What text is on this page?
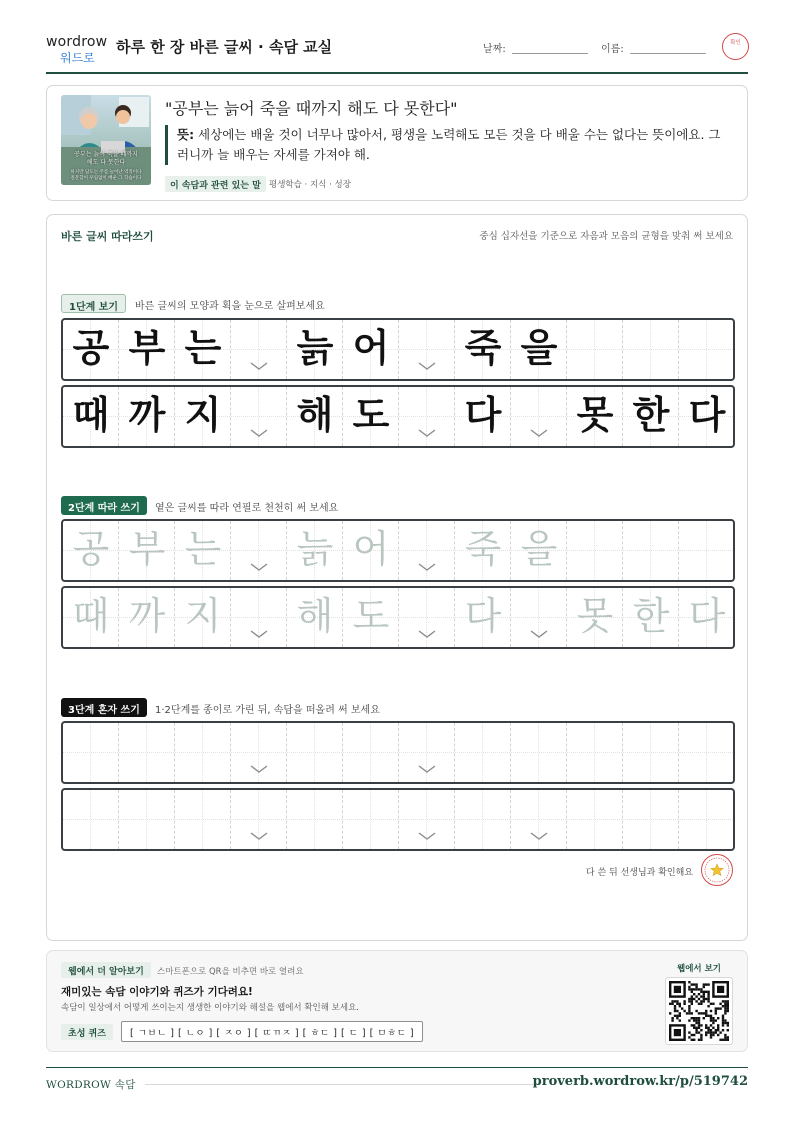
wordrow
워드로
하루 한 장 바른 글씨 · 속담 교실	날짜:	이름:
확인
공부는 늙어 죽을 때까지
해도 다 못한다
하지만 답도는 주름 늘어난 역적이다
질문함이 우림없이 배운 그 학습이다
"공부는 늙어 죽을 때까지 해도 다 못한다"
뜻: 세상에는 배울 것이 너무나 많아서, 평생을 노력해도 모든 것을 다 배울 수는 없다는 뜻이에요. 그러니까 늘 배우는 자세를 가져야 해.
이 속담과 관련 있는 말 평생학습 · 지식 · 성장
바른 글씨 따라쓰기	중심 십자선을 기준으로 자음과 모음의 균형을 맞춰 써 보세요
1단계 보기	바른 글씨의 모양과 획을 눈으로 살펴보세요
공 부 는 늙 어 죽 을
때 까 지 해 도 다 못 한 다
2단계 따라 쓰기	옅은 글씨를 따라 연필로 천천히 써 보세요
공 부 는 늙 어 죽 을
때 까 지 해 도 다 못 한 다
3단계 혼자 쓰기	1·2단계를 종이로 가린 뒤, 속담을 떠올려 써 보세요
다 쓴 뒤 선생님과 확인해요
웹에서 더 알아보기	스마트폰으로 QR을 비추면 바로 열려요
재미있는 속담 이야기와 퀴즈가 기다려요!
속담이 일상에서 어떻게 쓰이는지 생생한 이야기와 해설을 웹에서 확인해 보세요.
초성 퀴즈	[ ㄱㅂㄴ ] [ ㄴㅇ ] [ ㅈㅇ ] [ ㄸㄲㅈ ] [ ㅎㄷ ] [ ㄷ ] [ ㅁㅎㄷ ]
웹에서 보기
WORDROW 속담	proverb.wordrow.kr/p/519742
